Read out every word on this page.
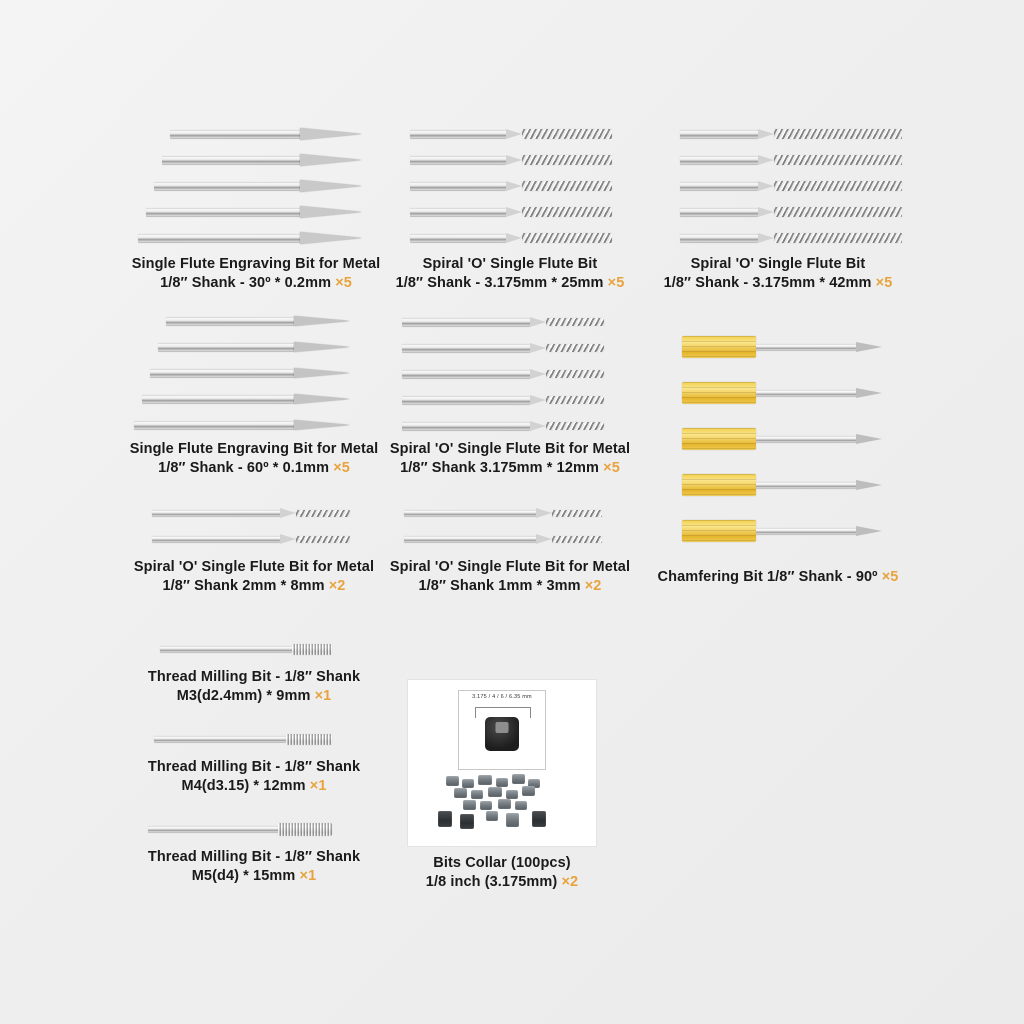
Single Flute Engraving Bit for Metal
1/8″ Shank - 30º * 0.2mm ×5
Spiral 'O' Single Flute Bit
1/8″ Shank - 3.175mm * 25mm ×5
Spiral 'O' Single Flute Bit
1/8″ Shank - 3.175mm * 42mm ×5
Single Flute Engraving Bit for Metal
1/8″ Shank - 60º * 0.1mm ×5
Spiral 'O' Single Flute Bit for Metal
1/8″ Shank 3.175mm * 12mm ×5
Spiral 'O' Single Flute Bit for Metal
1/8″ Shank 2mm * 8mm ×2
Spiral 'O' Single Flute Bit for Metal
1/8″ Shank 1mm * 3mm ×2
Chamfering Bit 1/8″ Shank - 90º ×5
Thread Milling Bit - 1/8″ Shank
M3(d2.4mm) * 9mm ×1
Thread Milling Bit - 1/8″ Shank
M4(d3.15) * 12mm ×1
Thread Milling Bit - 1/8″ Shank
M5(d4) * 15mm ×1
3.175 / 4 / 6 / 6.35 mm
Bits Collar (100pcs)
1/8 inch (3.175mm) ×2
